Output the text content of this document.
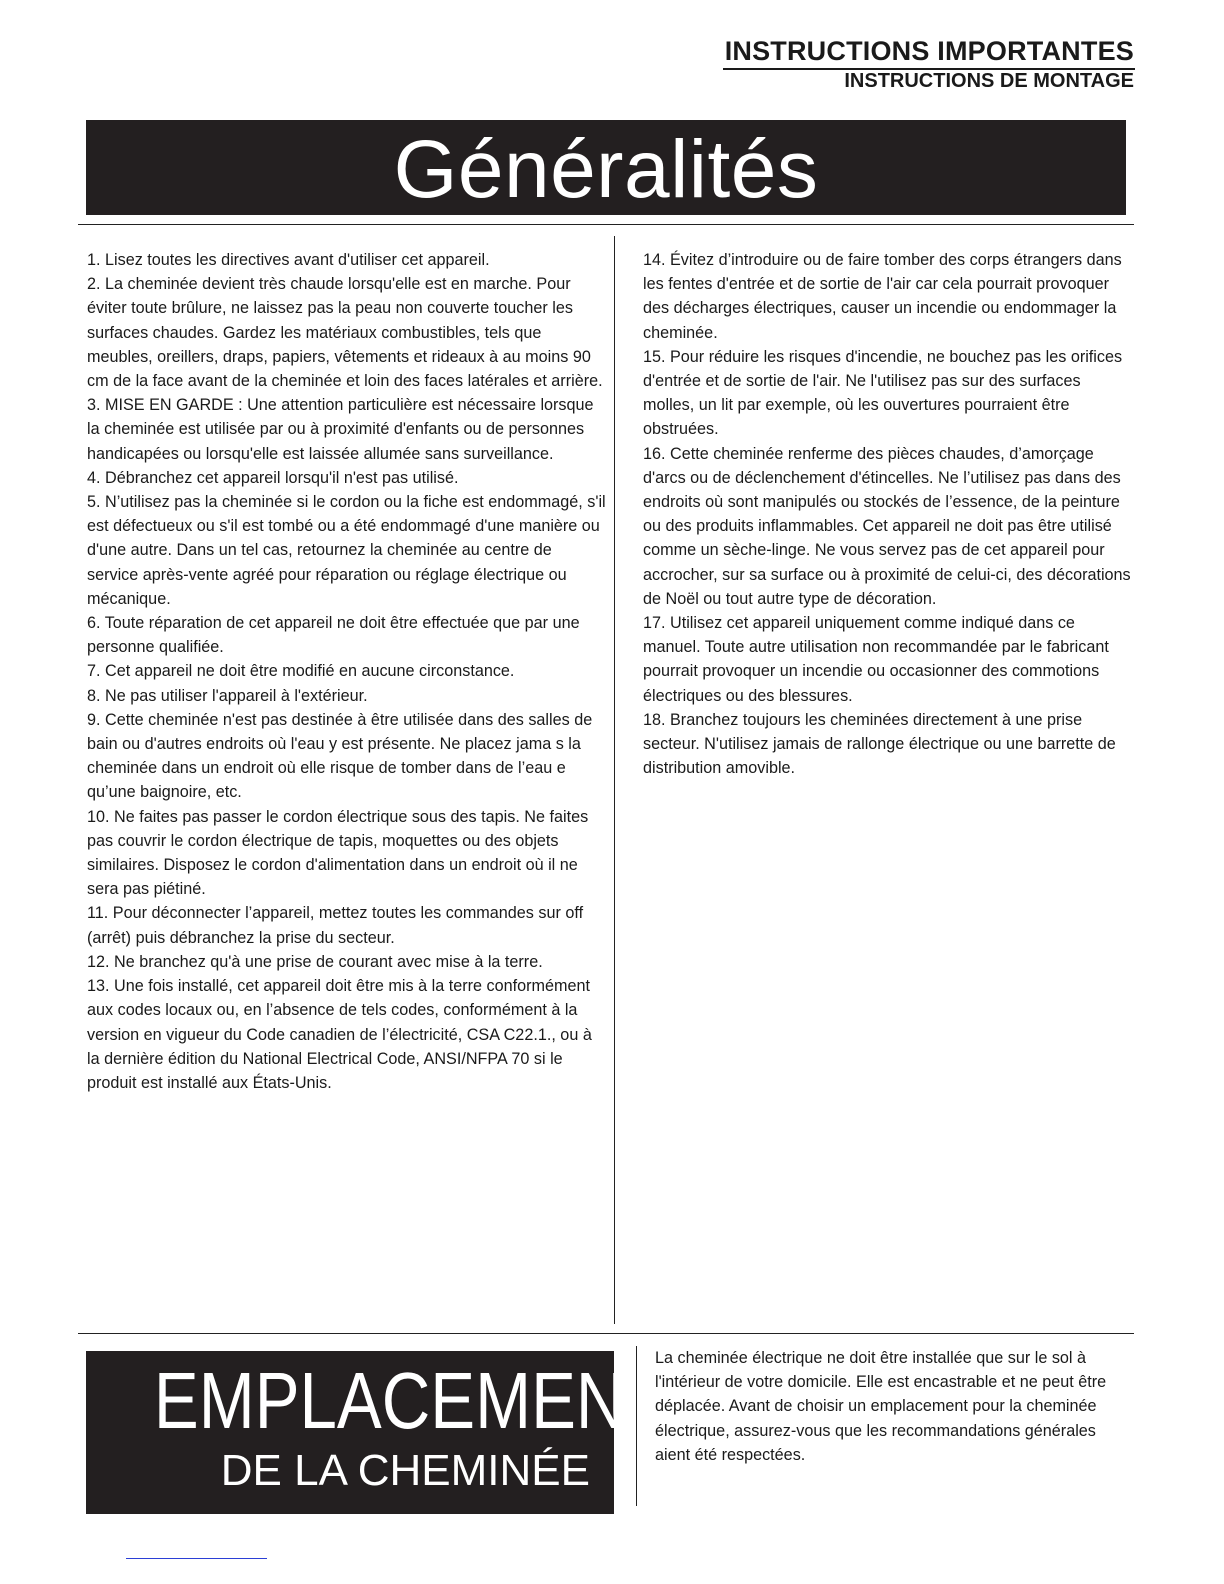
INSTRUCTIONS IMPORTANTES
INSTRUCTIONS DE MONTAGE
Généralités

1. Lisez toutes les directives avant d'utiliser cet appareil.

2. La cheminée devient très chaude lorsqu'elle est en marche. Pour éviter toute brûlure, ne laissez pas la peau non couverte toucher les surfaces chaudes. Gardez les matériaux combustibles, tels que meubles, oreillers, draps, papiers, vêtements et rideaux à au moins 90 cm de la face avant de la cheminée et loin des faces latérales et arrière.

3. MISE EN GARDE : Une attention particulière est nécessaire lorsque la cheminée est utilisée par ou à proximité d'enfants ou de personnes handicapées ou lorsqu'elle est laissée allumée sans surveillance.

4. Débranchez cet appareil lorsqu'il n'est pas utilisé.

5. N’utilisez pas la cheminée si le cordon ou la fiche est endommagé, s'il est défectueux ou s'il est tombé ou a été endommagé d'une manière ou d'une autre. Dans un tel cas, retournez la cheminée au centre de service après-vente agréé pour réparation ou réglage électrique ou mécanique.

6. Toute réparation de cet appareil ne doit être effectuée que par une personne qualifiée.

7. Cet appareil ne doit être modifié en aucune circonstance.

8. Ne pas utiliser l'appareil à l'extérieur.

9. Cette cheminée n'est pas destinée à être utilisée dans des salles de bain ou d'autres endroits où l'eau y est présente. Ne placez jama s la cheminée dans un endroit où elle risque de tomber dans de l’eau e qu’une baignoire, etc.

10. Ne faites pas passer le cordon électrique sous des tapis. Ne faites pas couvrir le cordon électrique de tapis, moquettes ou des objets similaires. Disposez le cordon d'alimentation dans un endroit où il ne sera pas piétiné.

11. Pour déconnecter l’appareil, mettez toutes les commandes sur off (arrêt) puis débranchez la prise du secteur.

12. Ne branchez qu'à une prise de courant avec mise à la terre.

13. Une fois installé, cet appareil doit être mis à la terre conformément aux codes locaux ou, en l’absence de tels codes, conformément à la version en vigueur du Code canadien de l’électricité, CSA C22.1., ou à la dernière édition du National Electrical Code, ANSI/NFPA 70 si le produit est installé aux États-Unis.

14. Évitez d’introduire ou de faire tomber des corps étrangers dans les fentes d'entrée et de sortie de l'air car cela pourrait provoquer des décharges électriques, causer un incendie ou endommager la cheminée.

15. Pour réduire les risques d'incendie, ne bouchez pas les orifices d'entrée et de sortie de l'air. Ne l'utilisez pas sur des surfaces molles, un lit par exemple, où les ouvertures pourraient être obstruées.

16. Cette cheminée renferme des pièces chaudes, d’amorçage d'arcs ou de déclenchement d'étincelles. Ne l’utilisez pas dans des endroits où sont manipulés ou stockés de l’essence, de la peinture ou des produits inflammables. Cet appareil ne doit pas être utilisé comme un sèche-linge. Ne vous servez pas de cet appareil pour accrocher, sur sa surface ou à proximité de celui-ci, des décorations de Noël ou tout autre type de décoration.

17. Utilisez cet appareil uniquement comme indiqué dans ce manuel. Toute autre utilisation non recommandée par le fabricant pourrait provoquer un incendie ou occasionner des commotions électriques ou des blessures.

18. Branchez toujours les cheminées directement à une prise secteur. N'utilisez jamais de rallonge électrique ou une barrette de distribution amovible.

EMPLACEMENT
DE LA CHEMINÉE
La cheminée électrique ne doit être installée que sur le sol à l'intérieur de votre domicile. Elle est encastrable et ne peut être déplacée. Avant de choisir un emplacement pour la cheminée électrique, assurez-vous que les recommandations générales aient été respectées.
